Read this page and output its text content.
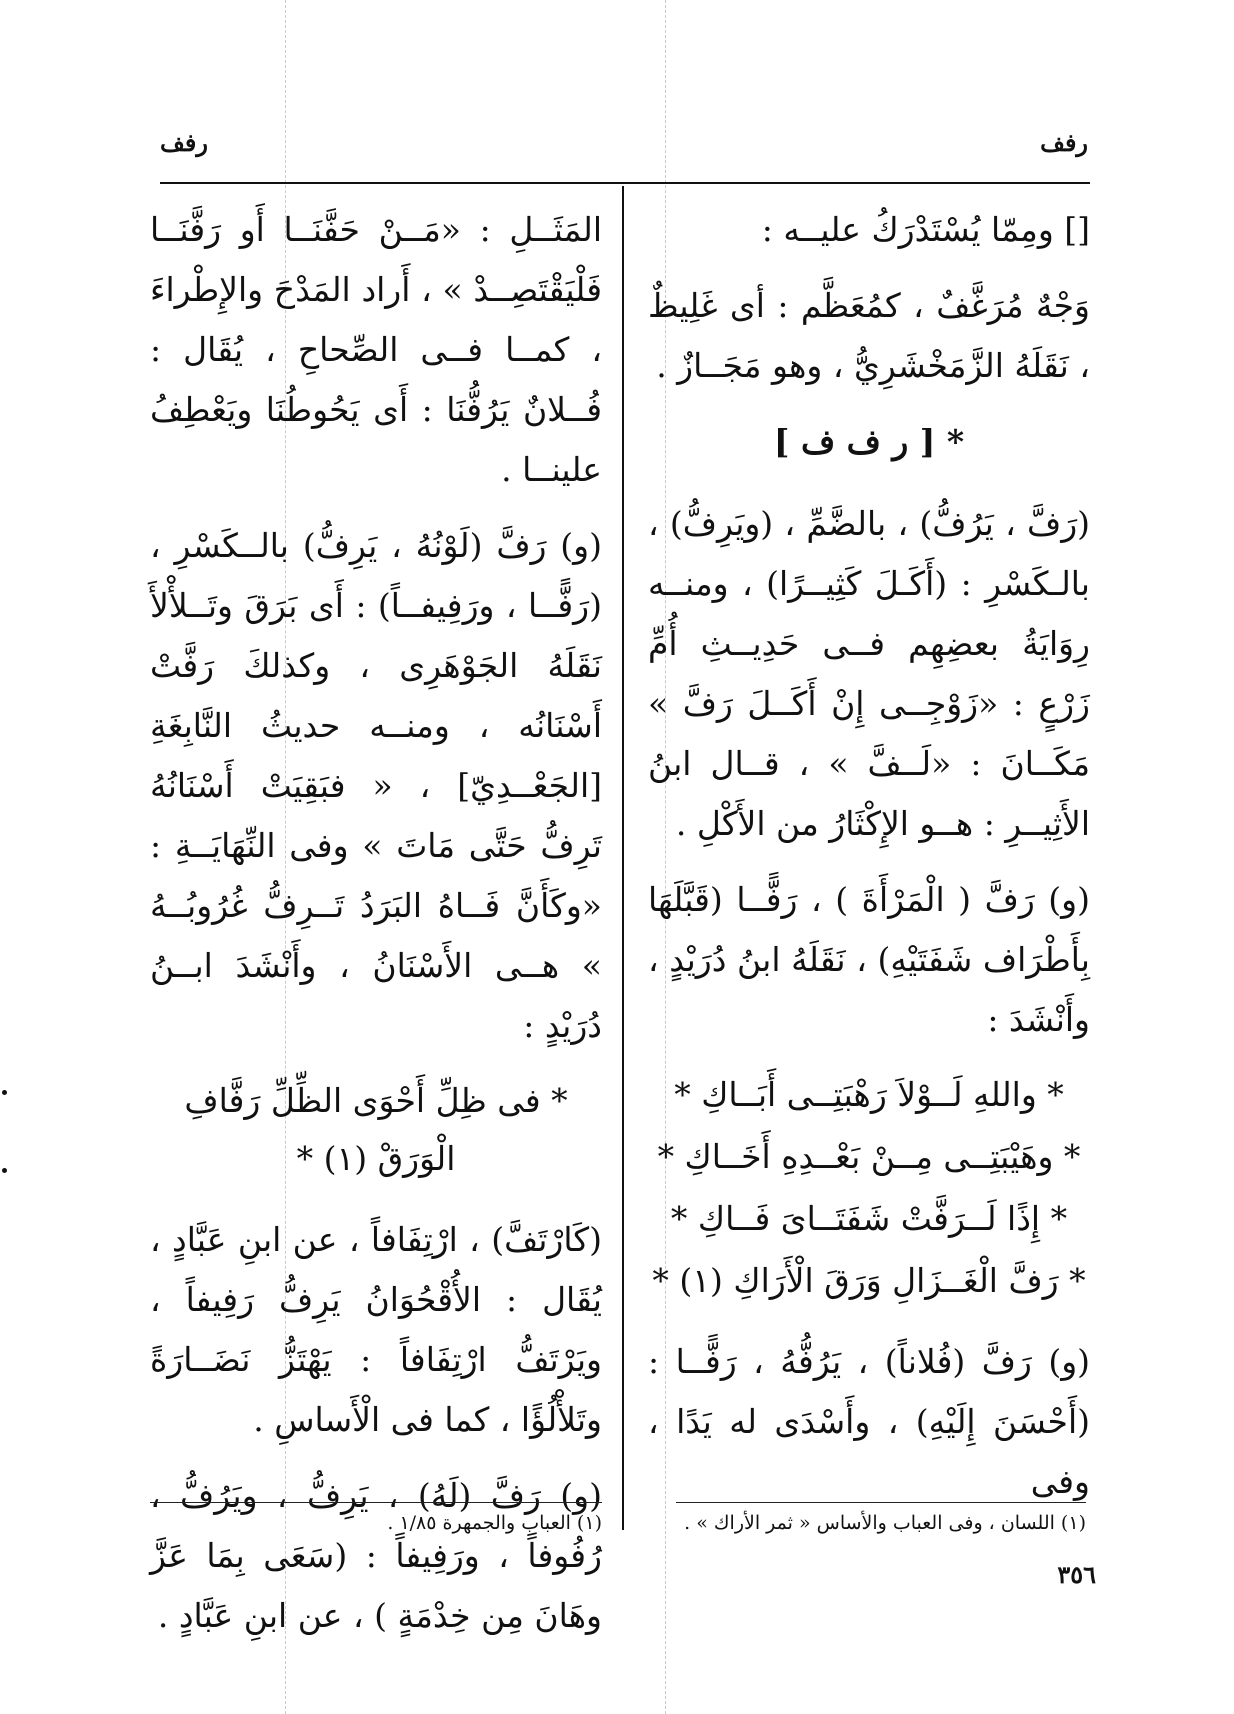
رفف
رفف

[] ومِمّا يُسْتَدْرَكُ عليــه :

وَجْهٌ مُرَغَّفٌ ، كمُعَظَّم : أى غَلِيظٌ ، نَقَلَهُ الزَّمَخْشَرِيُّ ، وهو مَجَــازٌ .

* [ ر ف ف ]

(رَفَّ ، يَرُفُّ) ، بالضَّمِّ ، (ويَرِفُّ) ، بالـكَسْرِ : (أَكَـلَ كَثِيــرًا) ، ومنــه رِوَايَةُ بعضِهِم فــى حَدِيــثِ أُمِّ زَرْعٍ : «زَوْجِــى إِنْ أَكَــلَ رَفَّ » مَكَــانَ : «لَــفَّ » ، قــال ابنُ الأَثِيــرِ : هــو الإِكْثَارُ من الأَكْلِ .

(و) رَفَّ ( الْمَرْأَةَ ) ، رَفًّــا (قَبَّلَهَا بِأَطْرَاف شَفَتَيْهِ) ، نَقَلَهُ ابنُ دُرَيْدٍ ، وأَنْشَدَ :

* واللهِ لَــوْلاَ رَهْبَتِــى أَبَــاكِ *

* وهَيْبَتِــى مِــنْ بَعْــدِهِ أَخَــاكِ *

* إِذًا لَــرَفَّتْ شَفَتَــاىَ فَــاكِ *

* رَفَّ الْغَــزَالِ وَرَقَ الْأَرَاكِ (١) *

(و) رَفَّ (فُلاناً) ، يَرُفُّهُ ، رَفًّــا : (أَحْسَنَ إِلَيْهِ) ، وأَسْدَى له يَدًا ، وفى

المَثَــلِ : «مَــنْ حَفَّنَــا أَو رَفَّنَــا فَلْيَقْتَصِــدْ » ، أَراد المَدْحَ والإِطْراءَ ، كمــا فــى الصِّحاحِ ، يُقَال : فُــلانٌ يَرُفُّنَا : أَى يَحُوطُنَا ويَعْطِفُ علينــا .

(و) رَفَّ (لَوْنُهُ ، يَرِفُّ) بالــكَسْرِ ، (رَفًّــا ، ورَفِيفــاً) : أَى بَرَقَ وتَــلأْلأَ نَقَلَهُ الجَوْهَرِى ، وكذلكَ رَفَّتْ أَسْنَانُه ، ومنــه حديثُ النَّابِغَةِ [الجَعْــدِيّ] ، « فبَقِيَتْ أَسْنَانُهُ تَرِفُّ حَتَّى مَاتَ » وفى النِّهَايَــةِ : «وكَأَنَّ فَــاهُ البَرَدُ تَــرِفُّ غُرُوبُــهُ » هــى الأَسْنَانُ ، وأَنْشَدَ ابــنُ دُرَيْدٍ :

* فى ظِلِّ أَحْوَى الظِّلِّ رَفَّافِ الْوَرَقْ (١) *

(كَارْتَفَّ) ، ارْتِفَافاً ، عن ابنِ عَبَّادٍ ، يُقَال : الأُقْحُوَانُ يَرِفُّ رَفِيفاً ، ويَرْتَفُّ ارْتِفَافاً : يَهْتَزُّ نَضَــارَةً وتَلأْلُؤًا ، كما فى الْأَساسِ .

(و) رَفَّ (لَهُ) ، يَرِفُّ ، ويَرُفُّ ، رُفُوفاً ، ورَفِيفاً : (سَعَى بِمَا عَزَّ وهَانَ مِن خِدْمَةٍ ) ، عن ابنِ عَبَّادٍ .

(١) اللسان ، وفى العباب والأساس « ثمر الأراك » .
(١) العباب والجمهرة ١/٨٥ .
٣٥٦
